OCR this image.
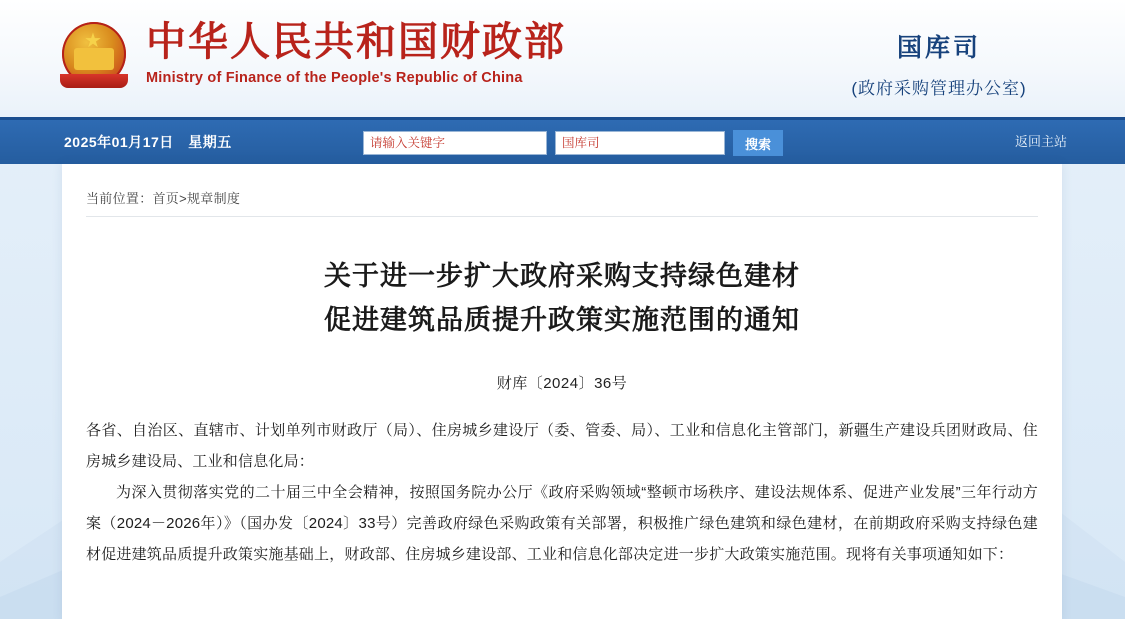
★ 中华人民共和国财政部
Ministry of Finance of the People's Republic of China
国库司
(政府采购管理办公室)
2025年01月17日　星期五
请输入关键字
国库司	搜索	返回主站
当前位置：首页>规章制度
关于进一步扩大政府采购支持绿色建材
促进建筑品质提升政策实施范围的通知
财库〔2024〕36号

各省、自治区、直辖市、计划单列市财政厅（局）、住房城乡建设厅（委、管委、局）、工业和信息化主管部门，新疆生产建设兵团财政局、住房城乡建设局、工业和信息化局：

为深入贯彻落实党的二十届三中全会精神，按照国务院办公厅《政府采购领域“整顿市场秩序、建设法规体系、促进产业发展”三年行动方案（2024－2026年）》（国办发〔2024〕33号）完善政府绿色采购政策有关部署，积极推广绿色建筑和绿色建材，在前期政府采购支持绿色建材促进建筑品质提升政策实施基础上，财政部、住房城乡建设部、工业和信息化部决定进一步扩大政策实施范围。现将有关事项通知如下：
